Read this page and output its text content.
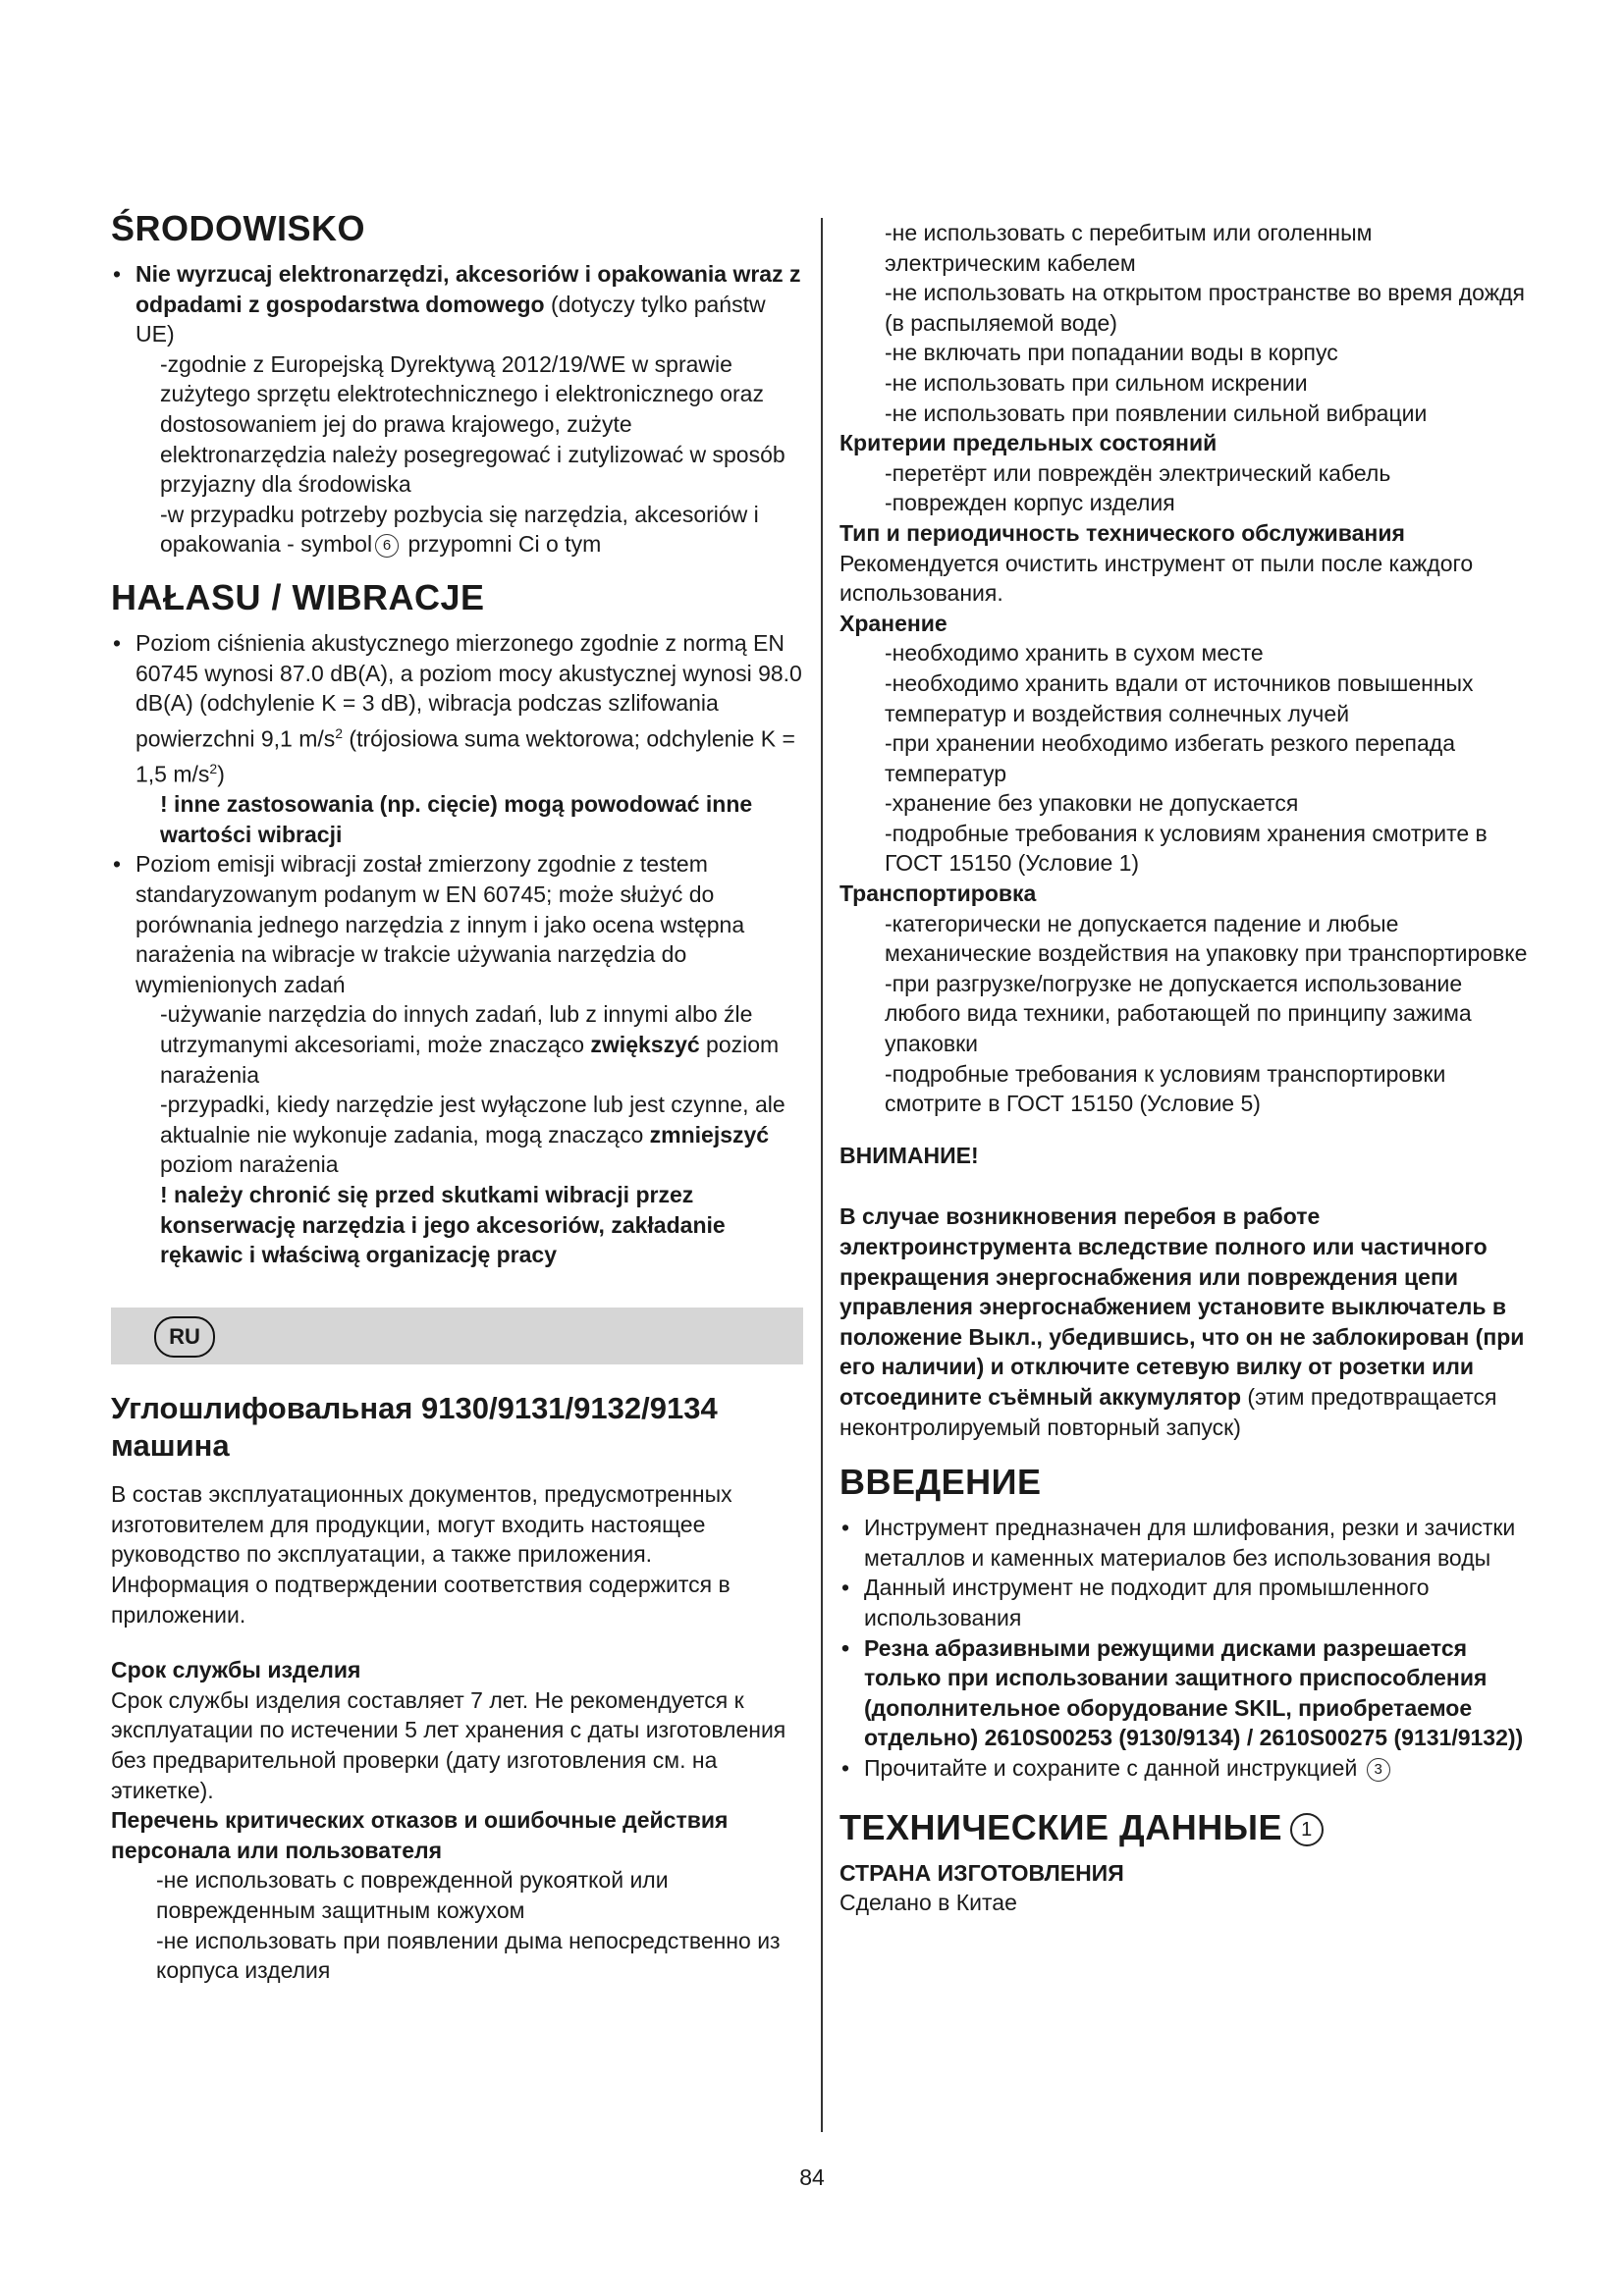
ŚRODOWISKO
• Nie wyrzucaj elektronarzędzi, akcesoriów i opakowania wraz z odpadami z gospodarstwa domowego (dotyczy tylko państw UE)
-zgodnie z Europejską Dyrektywą 2012/19/WE w sprawie zużytego sprzętu elektrotechnicznego i elektronicznego oraz dostosowaniem jej do prawa krajowego, zużyte elektronarzędzia należy posegregować i zutylizować w sposób przyjazny dla środowiska
-w przypadku potrzeby pozbycia się narzędzia, akcesoriów i opakowania - symbol 6 przypomni Ci o tym
HAŁASU / WIBRACJE
• Poziom ciśnienia akustycznego mierzonego zgodnie z normą EN 60745 wynosi 87.0 dB(A), a poziom mocy akustycznej wynosi 98.0 dB(A) (odchylenie K = 3 dB), wibracja podczas szlifowania powierzchni 9,1 $m/s^2$ (trójosiowa suma wektorowa; odchylenie K = 1,5 $m/s^2$)
! inne zastosowania (np. cięcie) mogą powodować inne wartości wibracji
• Poziom emisji wibracji został zmierzony zgodnie z testem standaryzowanym podanym w EN 60745; może służyć do porównania jednego narzędzia z innym i jako ocena wstępna narażenia na wibracje w trakcie używania narzędzia do wymienionych zadań
-używanie narzędzia do innych zadań, lub z innymi albo źle utrzymanymi akcesoriami, może znacząco zwiększyć poziom narażenia
-przypadki, kiedy narzędzie jest wyłączone lub jest czynne, ale aktualnie nie wykonuje zadania, mogą znacząco zmniejszyć poziom narażenia
! należy chronić się przed skutkami wibracji przez konserwację narzędzia i jego akcesoriów, zakładanie rękawic i właściwą organizację pracy
RU
Углошлифовальная 9130/9131/9132/9134 машина

В состав эксплуатационных документов, предусмотренных изготовителем для продукции, могут входить настоящее руководство по эксплуатации, а также приложения.

Информация о подтверждении соответствия содержится в приложении.

Срок службы изделия

Срок службы изделия составляет 7 лет. Не рекомендуется к эксплуатации по истечении 5 лет хранения с даты изготовления без предварительной проверки (дату изготовления см. на этикетке).

Перечень критических отказов и ошибочные действия персонала или пользователя

-не использовать с поврежденной рукояткой или поврежденным защитным кожухом
-не использовать при появлении дыма непосредственно из корпуса изделия
-не использовать с перебитым или оголенным электрическим кабелем
-не использовать на открытом пространстве во время дождя (в распыляемой воде)
-не включать при попадании воды в корпус
-не использовать при сильном искрении
-не использовать при появлении сильной вибрации

Критерии предельных состояний

-перетёрт или повреждён электрический кабель
-поврежден корпус изделия

Тип и периодичность технического обслуживания

Рекомендуется очистить инструмент от пыли после каждого использования.

Хранение

-необходимо хранить в сухом месте
-необходимо хранить вдали от источников повышенных температур и воздействия солнечных лучей
-при хранении необходимо избегать резкого перепада температур
-хранение без упаковки не допускается
-подробные требования к условиям хранения смотрите в ГОСТ 15150 (Условие 1)

Транспортировка

-категорически не допускается падение и любые механические воздействия на упаковку при транспортировке
-при разгрузке/погрузке не допускается использование любого вида техники, работающей по принципу зажима упаковки
-подробные требования к условиям транспортировки смотрите в ГОСТ 15150 (Условие 5)

ВНИМАНИЕ!

В случае возникновения перебоя в работе электроинструмента вследствие полного или частичного прекращения энергоснабжения или повреждения цепи управления энергоснабжением установите выключатель в положение Выкл., убедившись, что он не заблокирован (при его наличии) и отключите сетевую вилку от розетки или отсоедините съёмный аккумулятор (этим предотвращается неконтролируемый повторный запуск)

ВВЕДЕНИЕ
• Инструмент предназначен для шлифования, резки и зачистки металлов и каменных материалов без использования воды
• Данный инструмент не подходит для промышленного использования
• Резна абразивными режущими дисками разрешается только при использовании защитного приспособления (дополнительное оборудование SKIL, приобретаемое отдельно) 2610S00253 (9130/9134) / 2610S00275 (9131/9132))
• Прочитайте и сохраните с данной инструкцией 3
ТЕХНИЧЕСКИЕ ДАННЫЕ 1

СТРАНА ИЗГОТОВЛЕНИЯ

Сделано в Китае

84
